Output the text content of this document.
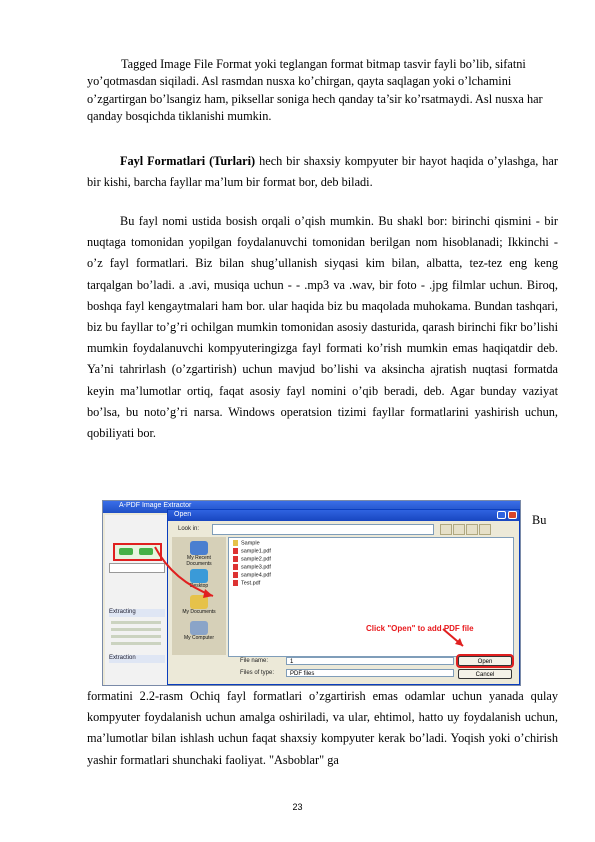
Tagged Image File Format yoki teglangan format bitmap tasvir fayli bo’lib, sifatni yo’qotmasdan siqiladi. Asl rasmdan nusxa ko’chirgan, qayta saqlagan yoki o’lchamini o’zgartirgan bo’lsangiz ham, piksellar soniga hech qanday ta’sir ko’rsatmaydi. Asl nusxa har qanday bosqichda tiklanishi mumkin.

Fayl Formatlari (Turlari) hech bir shaxsiy kompyuter bir hayot haqida o’ylashga, har bir kishi, barcha fayllar ma’lum bir format bor, deb biladi.

Bu fayl nomi ustida bosish orqali o’qish mumkin. Bu shakl bor: birinchi qismini - bir nuqtaga tomonidan yopilgan foydalanuvchi tomonidan berilgan nom hisoblanadi; Ikkinchi - o’z fayl formatlari. Biz bilan shug’ullanish siyqasi kim bilan, albatta, tez-tez eng keng tarqalgan bo’ladi. a .avi, musiqa uchun - - .mp3 va .wav, bir foto - .jpg filmlar uchun. Biroq, boshqa fayl kengaytmalari ham bor. ular haqida biz bu maqolada muhokama. Bundan tashqari, biz bu fayllar to’g’ri ochilgan mumkin tomonidan asosiy dasturida, qarash birinchi fikr bo’lishi mumkin foydalanuvchi kompyuteringizga fayl formati ko’rish mumkin emas haqiqatdir deb. Ya’ni tahrirlash (o’zgartirish) uchun mavjud bo’lishi va aksincha ajratish nuqtasi formatda keyin ma’lumotlar ortiq, faqat asosiy fayl nomini o’qib beradi, deb. Agar bunday vaziyat bo’lsa, bu noto’g’ri narsa. Windows operatsion tizimi fayllar formatlarini yashirish uchun, qobiliyati bor.

A-PDF Image Extractor
Extracting
Extraction
Open
Look in:
My Recent Documents
Desktop
My Documents
My Computer
Sample
sample1.pdf
sample2.pdf
sample3.pdf
sample4.pdf
Test.pdf
Click "Open" to add PDF file
File name:	1
Files of type:	PDF files
Open
Cancel
Bu

formatini 2.2-rasm Ochiq fayl formatlari o’zgartirish emas odamlar uchun yanada qulay kompyuter foydalanish uchun amalga oshiriladi, va ular, ehtimol, hatto uy foydalanish uchun, ma’lumotlar bilan ishlash uchun faqat shaxsiy kompyuter kerak bo’ladi. Yoqish yoki o’chirish yashir formatlari shunchaki faoliyat. "Asboblar" ga

23
